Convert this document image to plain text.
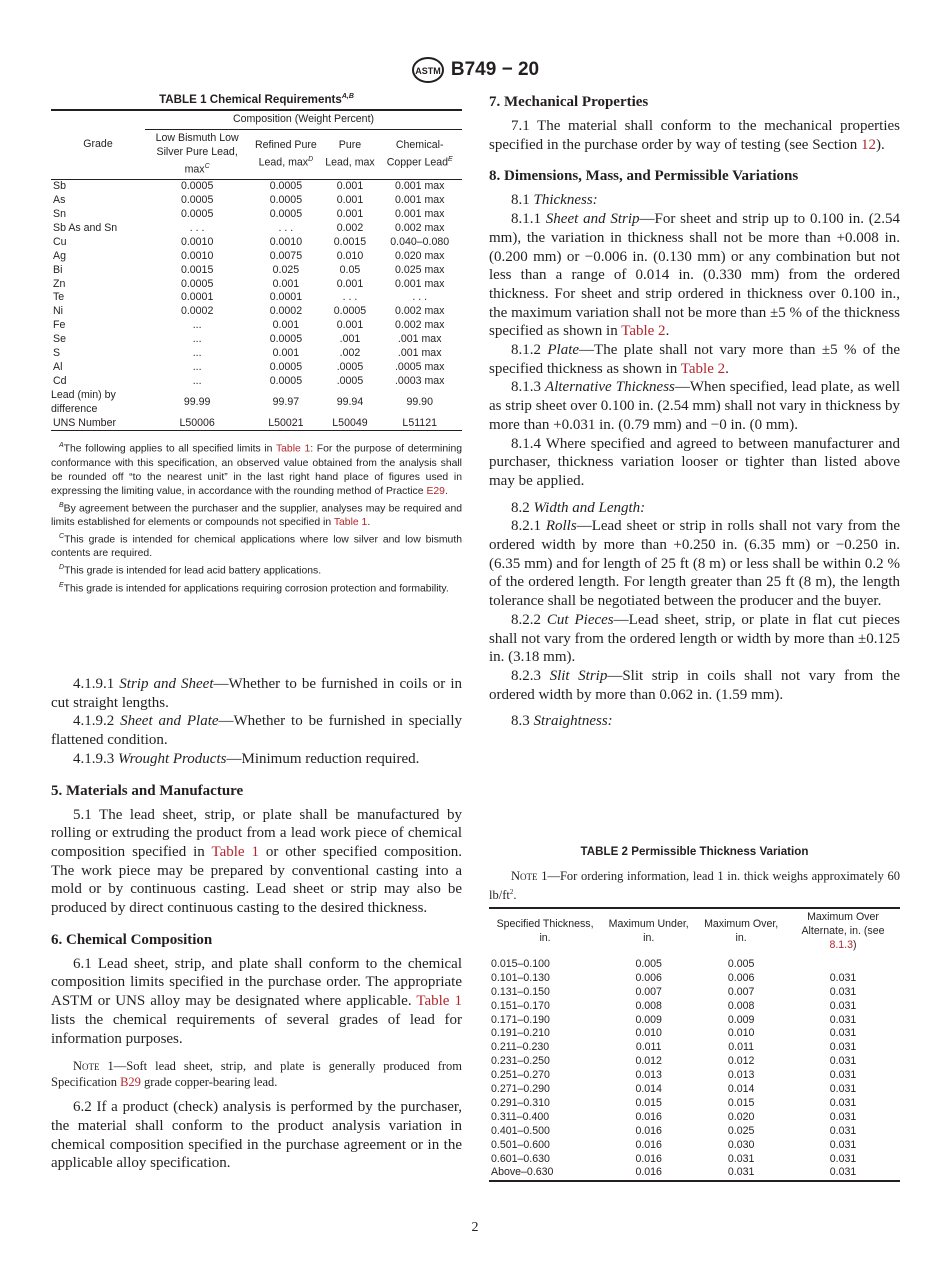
ASTM B749 − 20
TABLE 1 Chemical Requirements$^{A,B}$
Grade	Composition (Weight Percent)			
	Low Bismuth Low Silver Pure Lead, $\max^C$	Refined Pure Lead, $\max^D$	Pure Lead, max	Chemical-Copper Lead$^E$
Sb	0.0005	0.0005	0.001	0.001 max
As	0.0005	0.0005	0.001	0.001 max
Sn	0.0005	0.0005	0.001	0.001 max
Sb As and Sn	. . .	. . .	0.002	0.002 max
Cu	0.0010	0.0010	0.0015	0.040–0.080
Ag	0.0010	0.0075	0.010	0.020 max
Bi	0.0015	0.025	0.05	0.025 max
Zn	0.0005	0.001	0.001	0.001 max
Te	0.0001	0.0001	. . .	. . .
Ni	0.0002	0.0002	0.0005	0.002 max
Fe	...	0.001	0.001	0.002 max
Se	...	0.0005	.001	.001 max
S	...	0.001	.002	.001 max
Al	...	0.0005	.0005	.0005 max
Cd	...	0.0005	.0005	.0003 max
Lead (min) by difference	99.99	99.97	99.94	99.90
UNS Number	L50006	L50021	L50049	L51121

$^A$The following applies to all specified limits in Table 1: For the purpose of determining conformance with this specification, an observed value obtained from the analysis shall be rounded off “to the nearest unit” in the last right hand place of figures used in expressing the limiting value, in accordance with the rounding method of Practice E29.

$^B$By agreement between the purchaser and the supplier, analyses may be required and limits established for elements or compounds not specified in Table 1.

$^C$This grade is intended for chemical applications where low silver and low bismuth contents are required.

$^D$This grade is intended for lead acid battery applications.

$^E$This grade is intended for applications requiring corrosion protection and formability.

4.1.9.1 Strip and Sheet—Whether to be furnished in coils or in cut straight lengths.

4.1.9.2 Sheet and Plate—Whether to be furnished in specially flattened condition.

4.1.9.3 Wrought Products—Minimum reduction required.

5. Materials and Manufacture

5.1 The lead sheet, strip, or plate shall be manufactured by rolling or extruding the product from a lead work piece of chemical composition specified in Table 1 or other specified composition. The work piece may be prepared by conventional casting into a mold or by continuous casting. Lead sheet or strip may also be produced by direct continuous casting to the desired thickness.

6. Chemical Composition

6.1 Lead sheet, strip, and plate shall conform to the chemical composition limits specified in the purchase order. The appropriate ASTM or UNS alloy may be designated where applicable. Table 1 lists the chemical requirements of several grades of lead for information purposes.

Note 1—Soft lead sheet, strip, and plate is generally produced from Specification B29 grade copper-bearing lead.

6.2 If a product (check) analysis is performed by the purchaser, the material shall conform to the product analysis variation in chemical composition specified in the purchase agreement or in the applicable alloy specification.

7. Mechanical Properties

7.1 The material shall conform to the mechanical properties specified in the purchase order by way of testing (see Section 12).

8. Dimensions, Mass, and Permissible Variations

8.1 Thickness:

8.1.1 Sheet and Strip—For sheet and strip up to 0.100 in. (2.54 mm), the variation in thickness shall not be more than +0.008 in. (0.200 mm) or −0.006 in. (0.130 mm) or any combination but not less than a range of 0.014 in. (0.330 mm) from the ordered thickness. For sheet and strip ordered in thickness over 0.100 in., the maximum variation shall not be more than ±5 % of the thickness specified as shown in Table 2.

8.1.2 Plate—The plate shall not vary more than ±5 % of the specified thickness as shown in Table 2.

8.1.3 Alternative Thickness—When specified, lead plate, as well as strip sheet over 0.100 in. (2.54 mm) shall not vary in thickness by more than +0.031 in. (0.79 mm) and −0 in. (0 mm).

8.1.4 Where specified and agreed to between manufacturer and purchaser, thickness variation looser or tighter than listed above may be applied.

8.2 Width and Length:

8.2.1 Rolls—Lead sheet or strip in rolls shall not vary from the ordered width by more than +0.250 in. (6.35 mm) or −0.250 in. (6.35 mm) and for length of 25 ft (8 m) or less shall be within 0.2 % of the ordered length. For length greater than 25 ft (8 m), the length tolerance shall be negotiated between the producer and the buyer.

8.2.2 Cut Pieces—Lead sheet, strip, or plate in flat cut pieces shall not vary from the ordered length or width by more than ±0.125 in. (3.18 mm).

8.2.3 Slit Strip—Slit strip in coils shall not vary from the ordered width by more than 0.062 in. (1.59 mm).

8.3 Straightness:

TABLE 2 Permissible Thickness Variation

Note 1—For ordering information, lead 1 in. thick weighs approximately 60 $lb/ft^2$.

Specified Thickness, in.	Maximum Under, in.	Maximum Over, in.	Maximum Over Alternate, in. (see 8.1.3)
0.015–0.100	0.005	0.005	
0.101–0.130	0.006	0.006	0.031
0.131–0.150	0.007	0.007	0.031
0.151–0.170	0.008	0.008	0.031
0.171–0.190	0.009	0.009	0.031
0.191–0.210	0.010	0.010	0.031
0.211–0.230	0.011	0.011	0.031
0.231–0.250	0.012	0.012	0.031
0.251–0.270	0.013	0.013	0.031
0.271–0.290	0.014	0.014	0.031
0.291–0.310	0.015	0.015	0.031
0.311–0.400	0.016	0.020	0.031
0.401–0.500	0.016	0.025	0.031
0.501–0.600	0.016	0.030	0.031
0.601–0.630	0.016	0.031	0.031
Above–0.630	0.016	0.031	0.031
2
